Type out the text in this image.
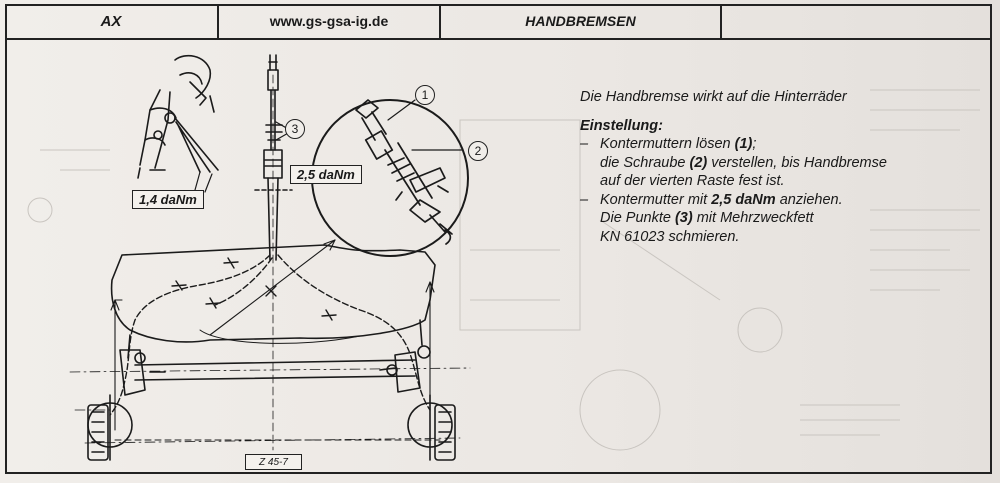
AX	www.gs-gsa-ig.de	HANDBREMSEN
1
2
3
1,4 daNm
2,5 daNm
Z 45-7

Die Handbremse wirkt auf die Hinterräder

Einstellung:
– Kontermuttern lösen (1);
die Schraube (2) verstellen, bis Handbremse
auf der vierten Raste fest ist.
– Kontermutter mit 2,5 daNm anziehen.
Die Punkte (3) mit Mehrzweckfett
KN 61023 schmieren.
